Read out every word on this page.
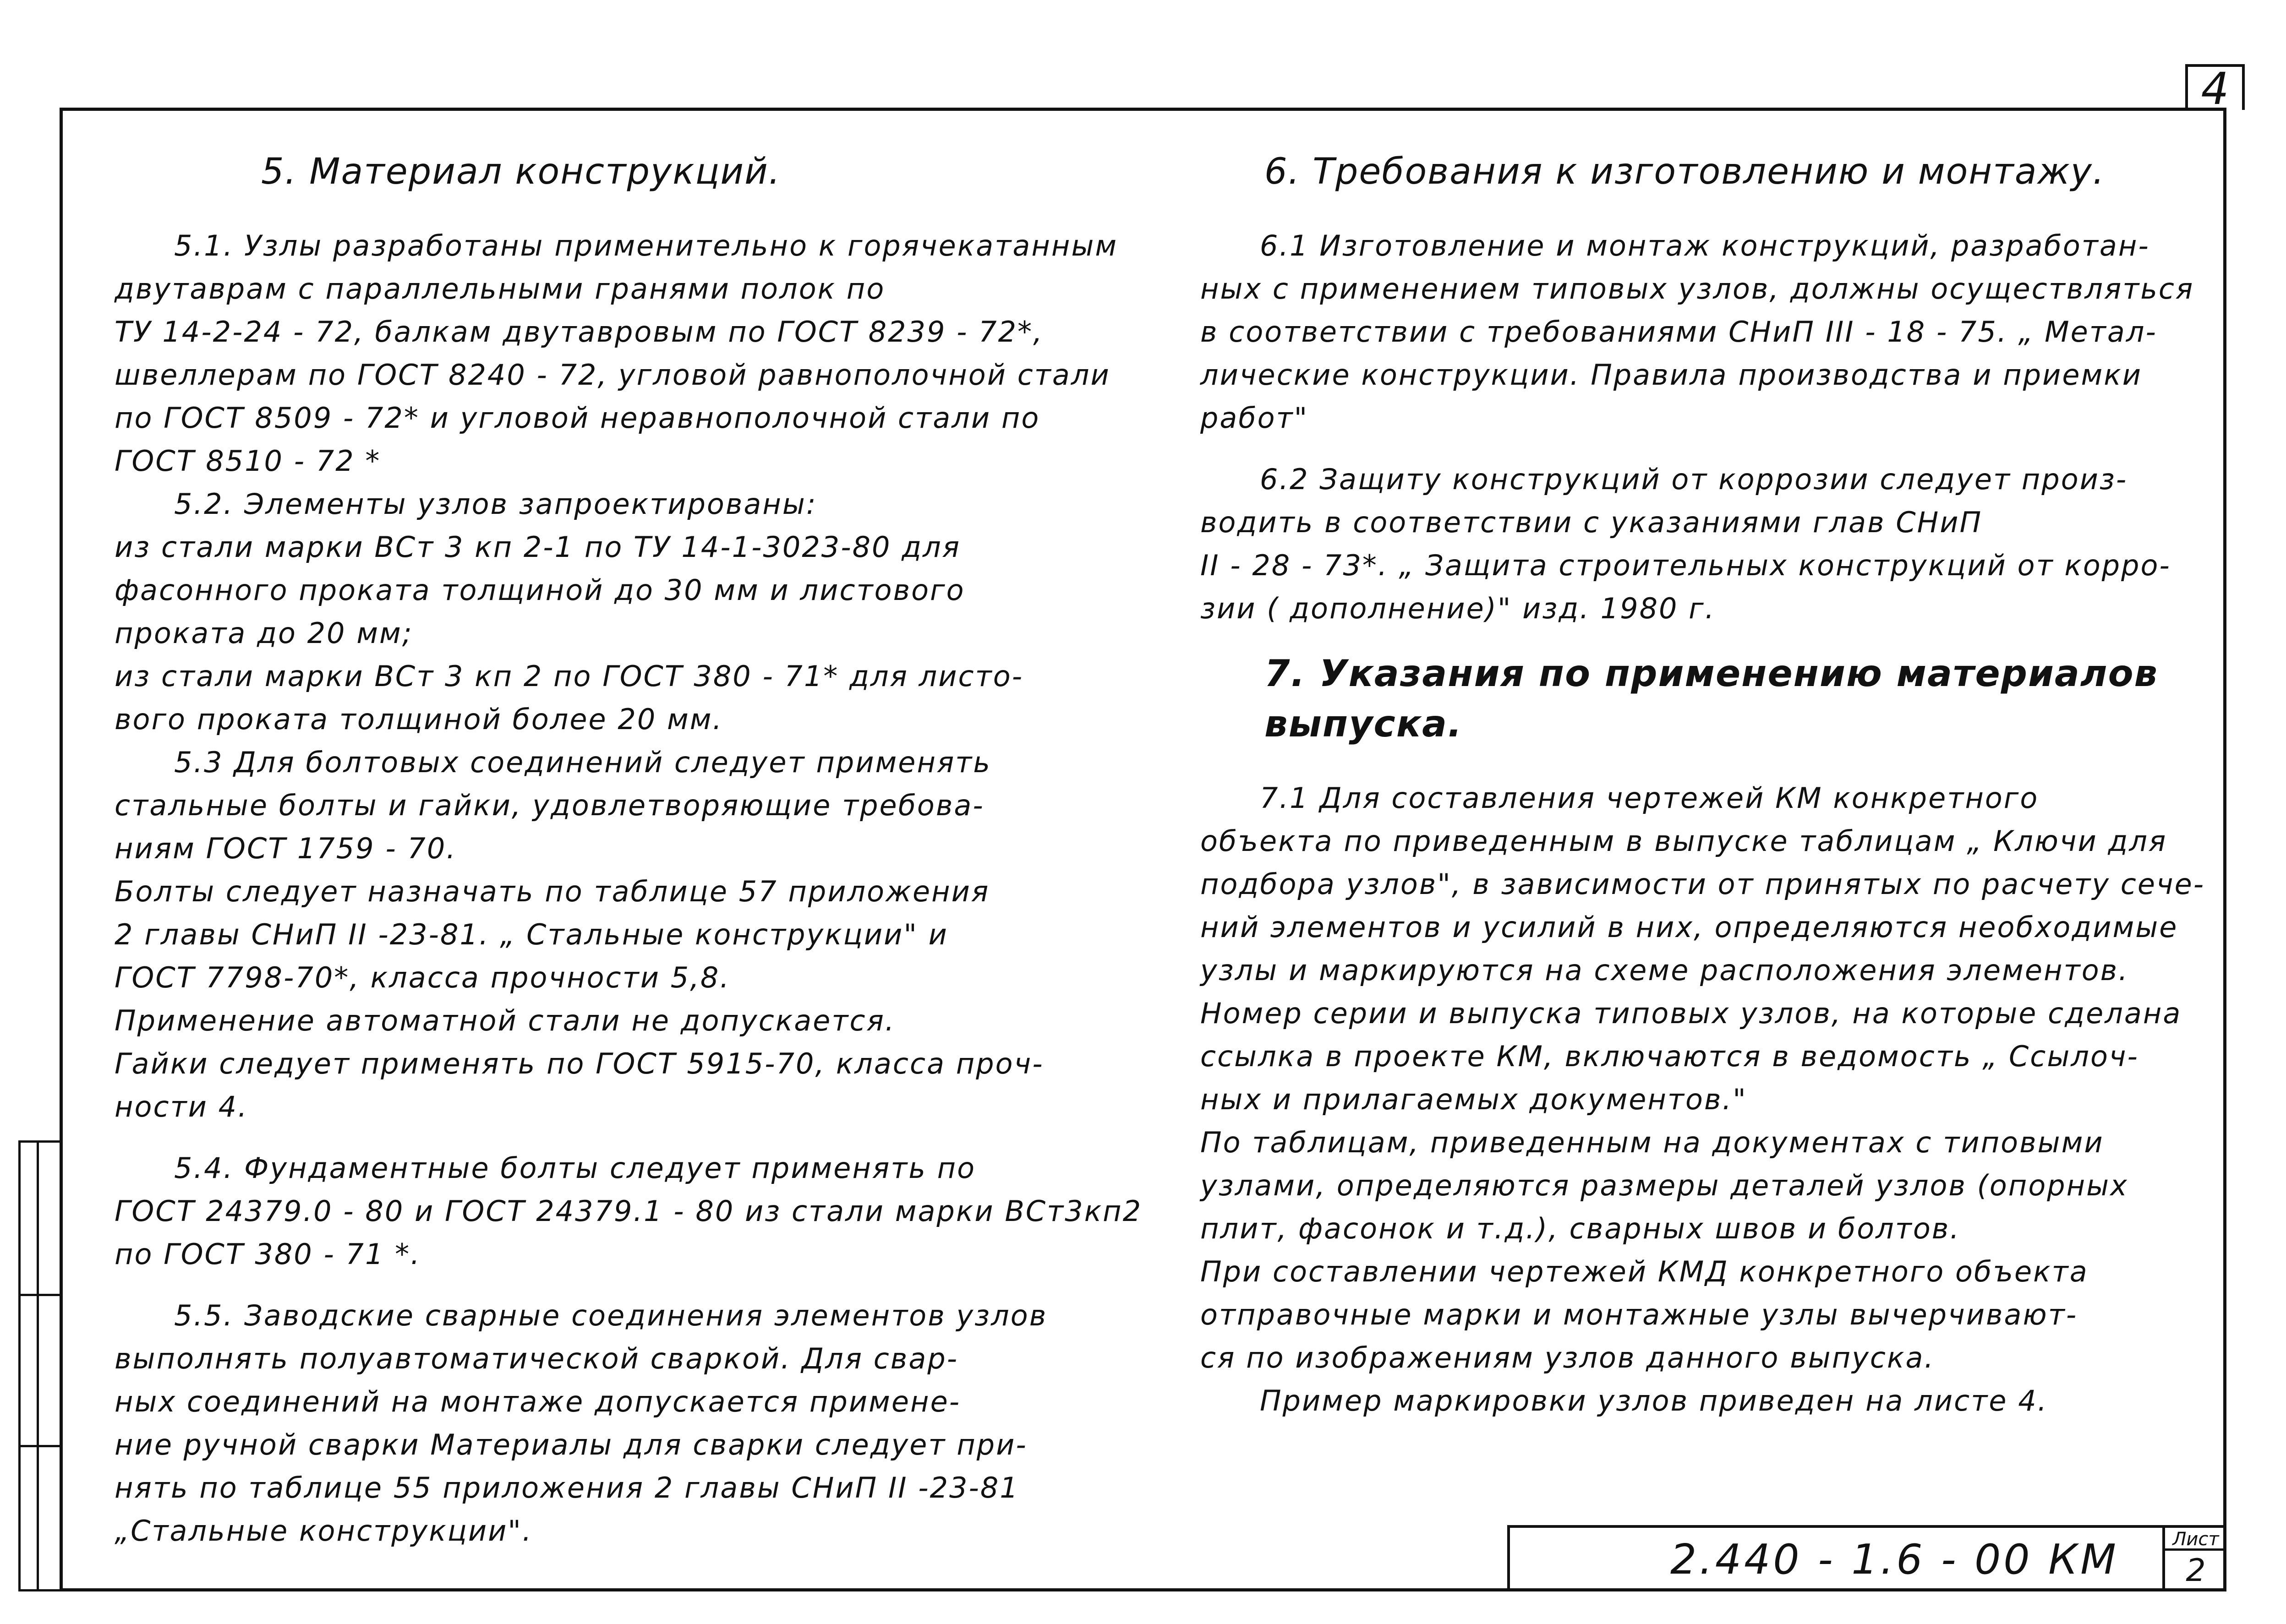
4
5. Материал конструкций.

5.1. Узлы разработаны применительно к горячекатанным
двутаврам с параллельными гранями полок по
ТУ 14-2-24 - 72, балкам двутавровым по ГОСТ 8239 - 72*,
швеллерам по ГОСТ 8240 - 72, угловой равнополочной стали
по ГОСТ 8509 - 72* и угловой неравнополочной стали по
ГОСТ 8510 - 72 *

5.2. Элементы узлов запроектированы:

из стали марки ВСт 3 кп 2-1 по ТУ 14-1-3023-80 для
фасонного проката толщиной до 30 мм и листового
проката до 20 мм;
из стали марки ВСт 3 кп 2 по ГОСТ 380 - 71* для листо-
вого проката толщиной более 20 мм.

5.3 Для болтовых соединений следует применять
стальные болты и гайки, удовлетворяющие требова-
ниям ГОСТ 1759 - 70.

Болты следует назначать по таблице 57 приложения
2 главы СНиП II -23-81. „ Стальные конструкции" и
ГОСТ 7798-70*, класса прочности 5,8.
Применение автоматной стали не допускается.
Гайки следует применять по ГОСТ 5915-70, класса проч-
ности 4.

5.4. Фундаментные болты следует применять по
ГОСТ 24379.0 - 80 и ГОСТ 24379.1 - 80 из стали марки ВСт3кп2
по ГОСТ 380 - 71 *.

5.5. Заводские сварные соединения элементов узлов
выполнять полуавтоматической сваркой. Для свар-
ных соединений на монтаже допускается примене-
ние ручной сварки Материалы для сварки следует при-
нять по таблице 55 приложения 2 главы СНиП II -23-81
„Стальные конструкции".

6. Требования к изготовлению и монтажу.

6.1 Изготовление и монтаж конструкций, разработан-
ных с применением типовых узлов, должны осуществляться
в соответствии с требованиями СНиП III - 18 - 75. „ Метал-
лические конструкции. Правила производства и приемки
работ"

6.2 Защиту конструкций от коррозии следует произ-
водить в соответствии с указаниями глав СНиП
II - 28 - 73*. „ Защита строительных конструкций от корро-
зии ( дополнение)" изд. 1980 г.

7. Указания по применению материалов выпуска.

7.1 Для составления чертежей КМ конкретного
объекта по приведенным в выпуске таблицам „ Ключи для
подбора узлов", в зависимости от принятых по расчету сече-
ний элементов и усилий в них, определяются необходимые
узлы и маркируются на схеме расположения элементов.
Номер серии и выпуска типовых узлов, на которые сделана
ссылка в проекте КМ, включаются в ведомость „ Ссылоч-
ных и прилагаемых документов."
По таблицам, приведенным на документах с типовыми
узлами, определяются размеры деталей узлов (опорных
плит, фасонок и т.д.), сварных швов и болтов.
При составлении чертежей КМД конкретного объекта
отправочные марки и монтажные узлы вычерчивают-
ся по изображениям узлов данного выпуска.

Пример маркировки узлов приведен на листе 4.

2.440 - 1.6 - 00 КМ	Лист
2
